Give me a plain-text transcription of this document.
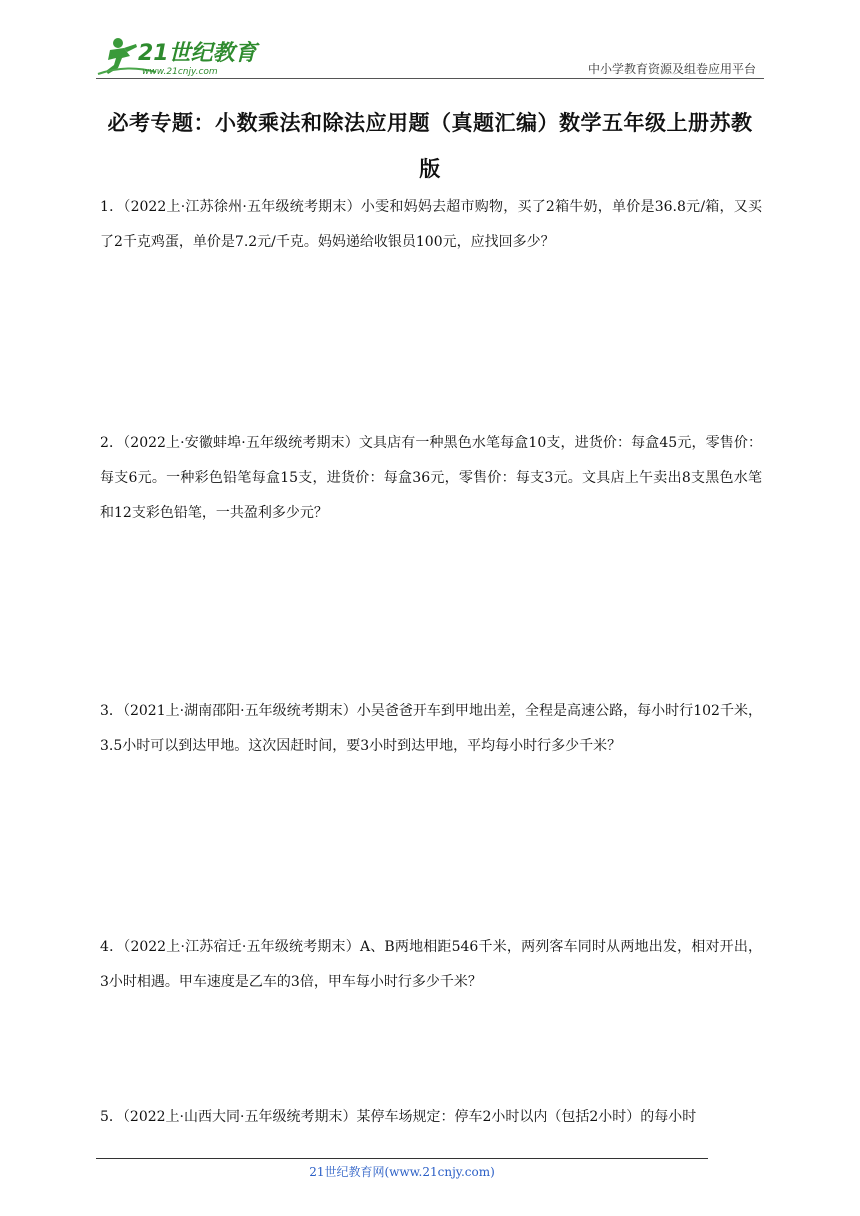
21世纪教育
www.21cnjy.com	中小学教育资源及组卷应用平台
必考专题：小数乘法和除法应用题（真题汇编）数学五年级上册苏教版
1．（2022上·江苏徐州·五年级统考期末）小雯和妈妈去超市购物，买了2箱牛奶，单价是36.8元/箱，又买了2千克鸡蛋，单价是7.2元/千克。妈妈递给收银员100元，应找回多少？
2．（2022上·安徽蚌埠·五年级统考期末）文具店有一种黑色水笔每盒10支，进货价：每盒45元，零售价：每支6元。一种彩色铅笔每盒15支，进货价：每盒36元，零售价：每支3元。文具店上午卖出8支黑色水笔和12支彩色铅笔，一共盈利多少元？
3．（2021上·湖南邵阳·五年级统考期末）小吴爸爸开车到甲地出差，全程是高速公路，每小时行102千米，3.5小时可以到达甲地。这次因赶时间，要3小时到达甲地，平均每小时行多少千米？
4．（2022上·江苏宿迁·五年级统考期末）A、B两地相距546千米，两列客车同时从两地出发，相对开出，3小时相遇。甲车速度是乙车的3倍，甲车每小时行多少千米？
5．（2022上·山西大同·五年级统考期末）某停车场规定：停车2小时以内（包括2小时）的每小时
21世纪教育网(www.21cnjy.com)
